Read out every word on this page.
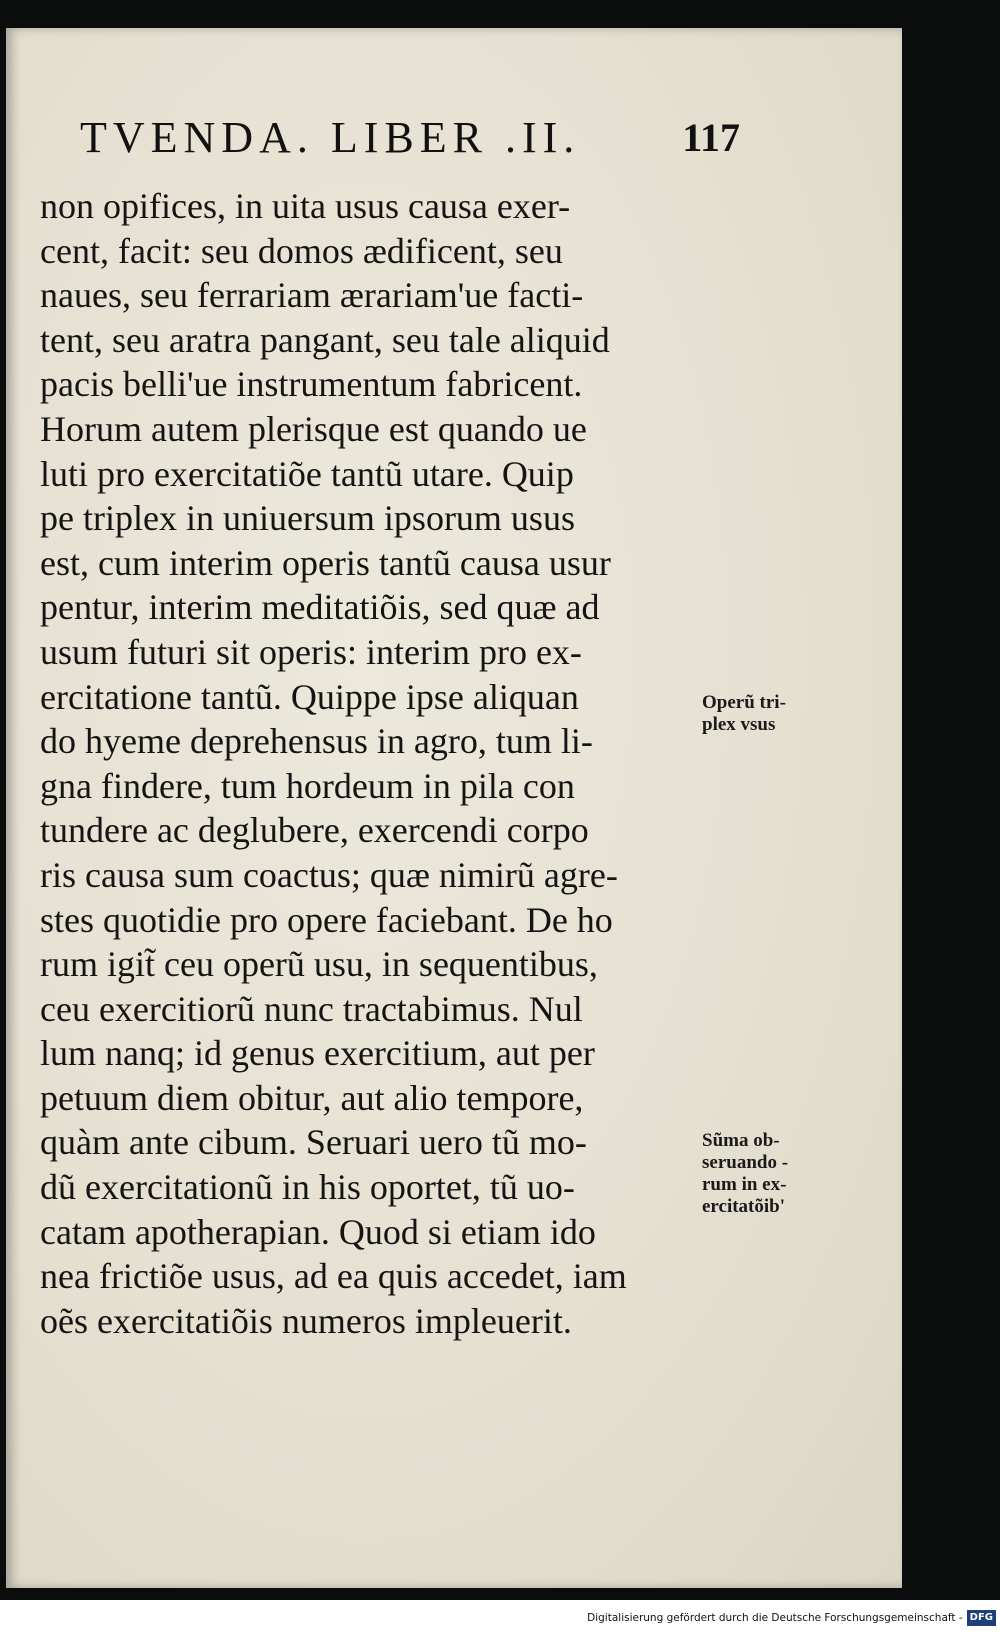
TVENDA. LIBER .II.	117
non opifices, in uita usus causa exer-
cent, facit: seu domos ædificent, seu
naues, seu ferrariam ærariam'ue facti-
tent, seu aratra pangant, seu tale aliquid
pacis belli'ue instrumentum fabricent.
Horum autem plerisque est quando ue
luti pro exercitatiõe tantũ utare. Quip
pe triplex in uniuersum ipsorum usus
est, cum interim operis tantũ causa usur
pentur, interim meditatiõis, sed quæ ad
usum futuri sit operis: interim pro ex-
ercitatione tantũ. Quippe ipse aliquan
do hyeme deprehensus in agro, tum li-
gna findere, tum hordeum in pila con
tundere ac deglubere, exercendi corpo
ris causa sum coactus; quæ nimirũ agre-
stes quotidie pro opere faciebant. De ho
rum igit̃ ceu operũ usu, in sequentibus,
ceu exercitiorũ nunc tractabimus. Nul
lum nanq; id genus exercitium, aut per
petuum diem obitur, aut alio tempore,
quàm ante cibum. Seruari uero tũ mo-
dũ exercitationũ in his oportet, tũ uo-
catam apotherapian. Quod si etiam ido
nea frictiõe usus, ad ea quis accedet, iam
oẽs exercitatiõis numeros impleuerit.
Operũ tri-
plex vsus
Sũma ob-
seruando -
rum in ex-
ercitatõib'
Digitalisierung gefördert durch die Deutsche Forschungsgemeinschaft - DFG
